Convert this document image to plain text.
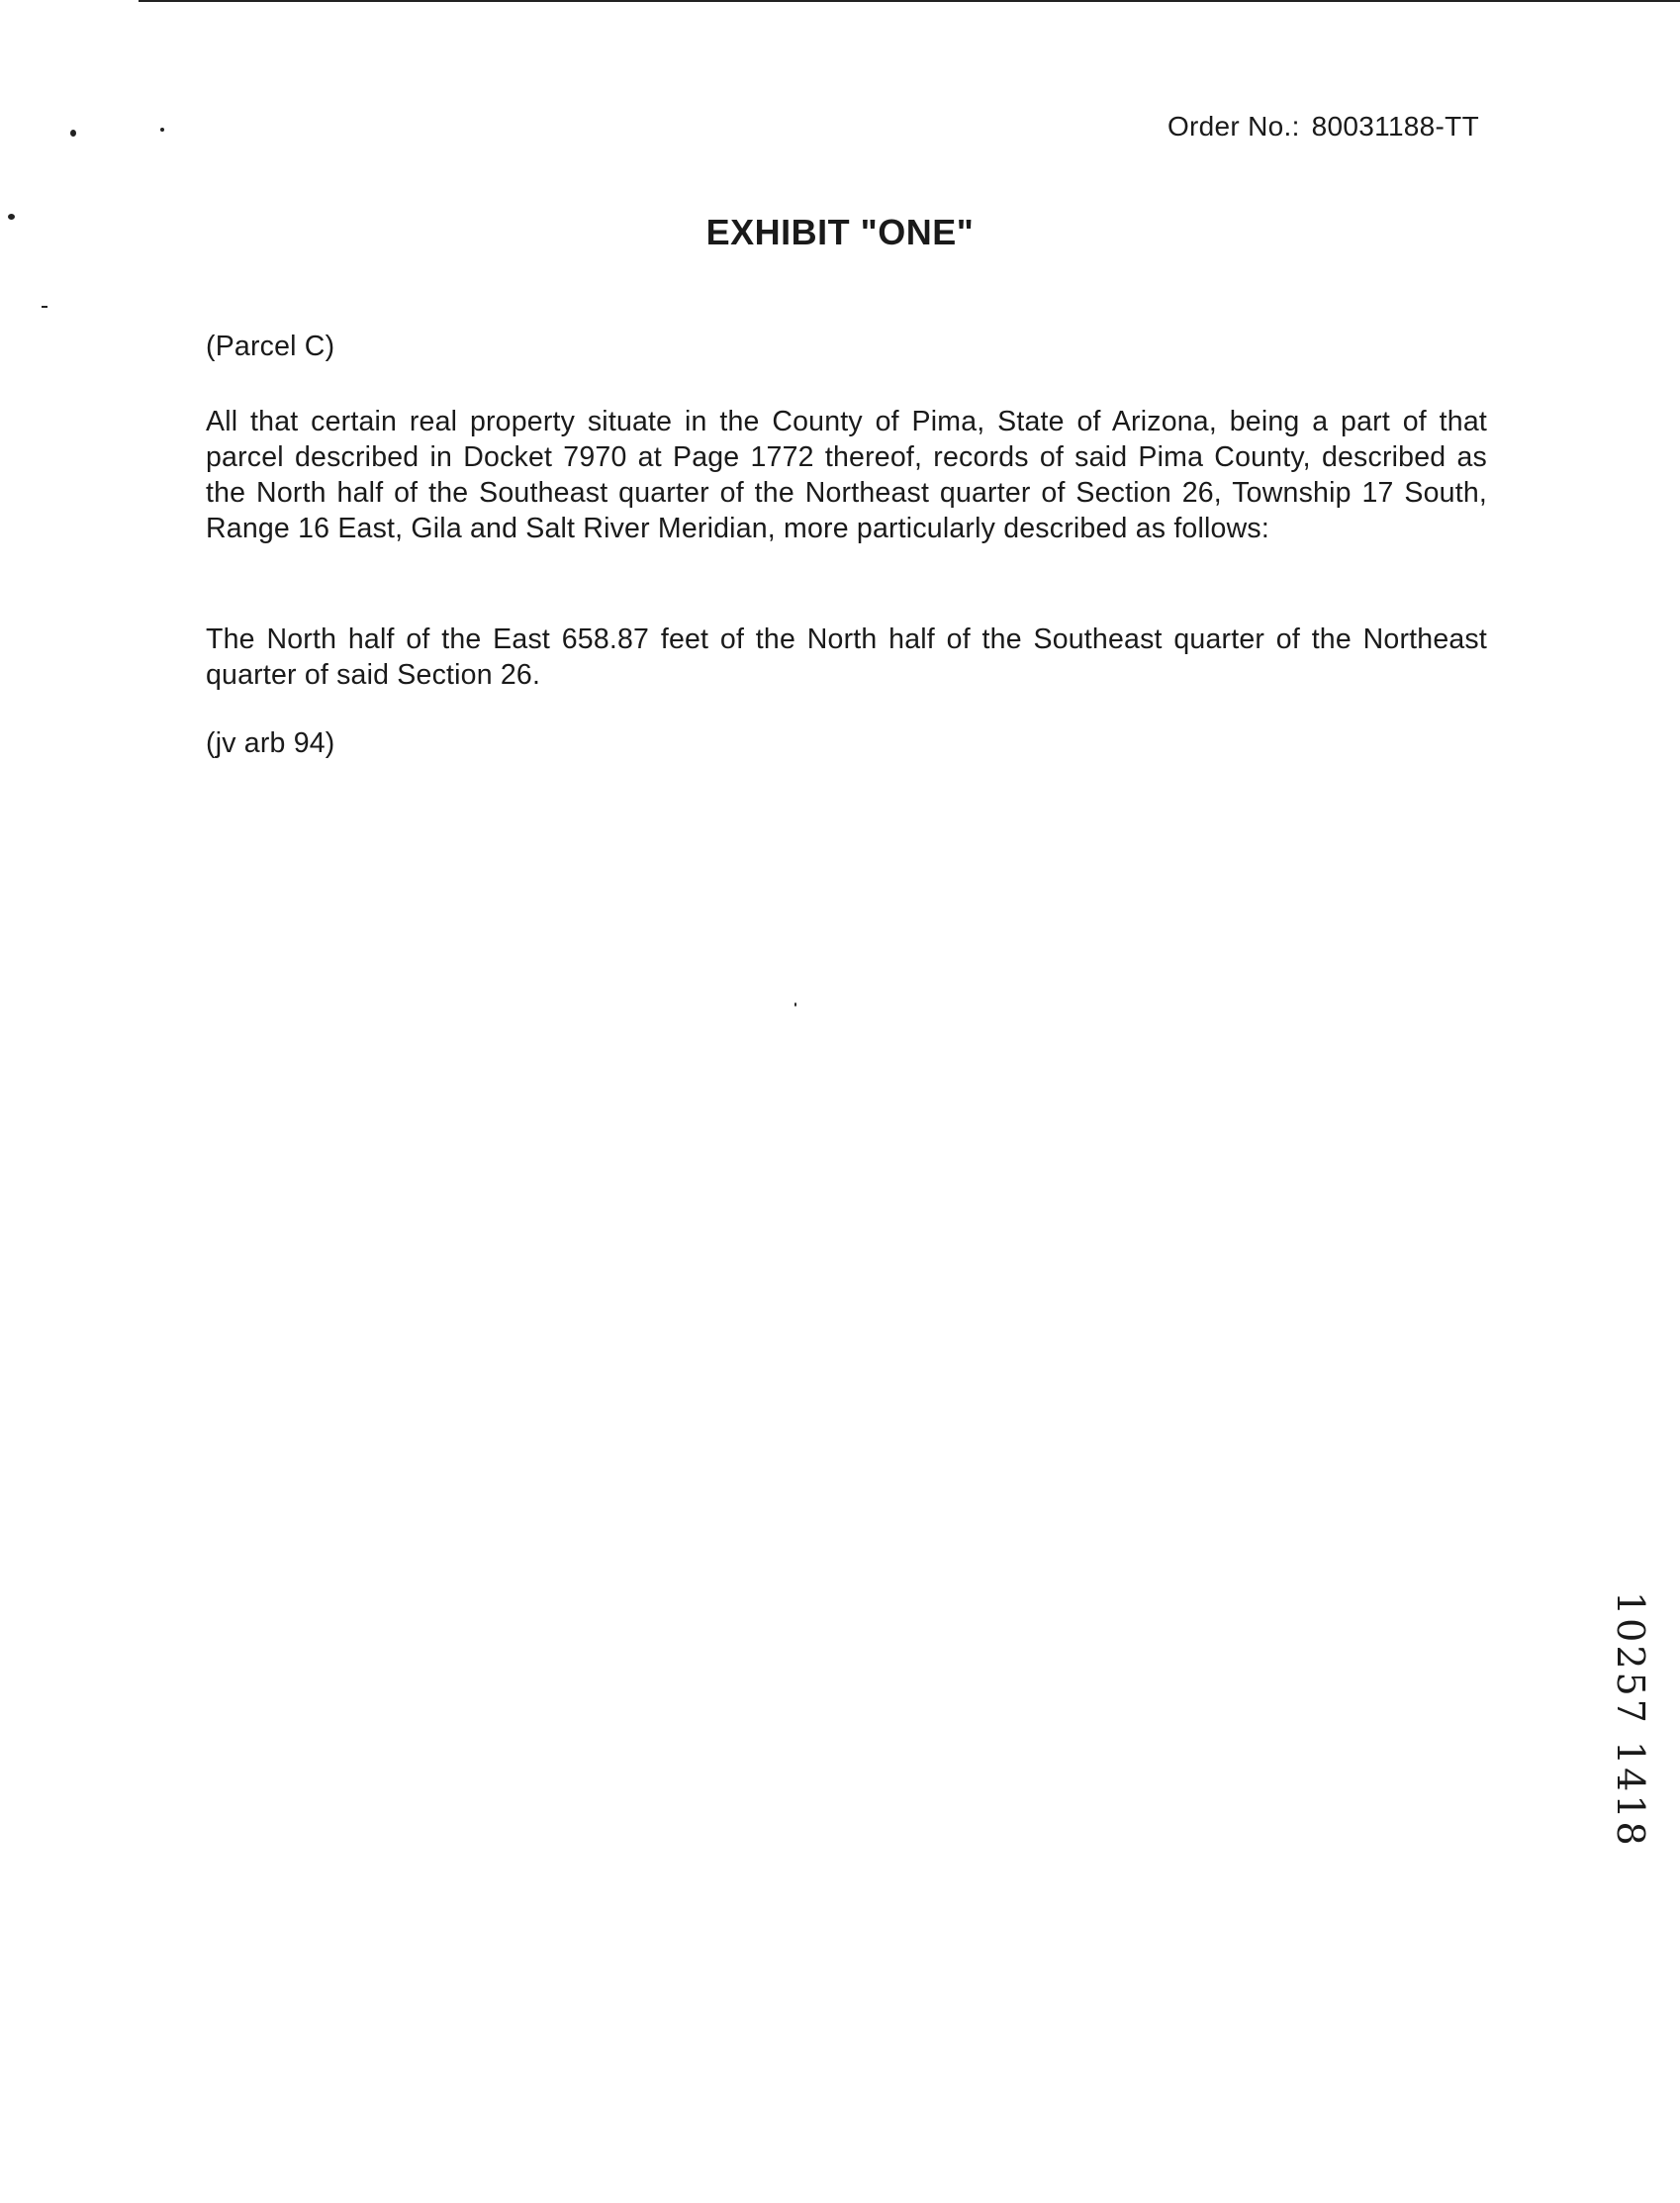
Order No.: 80031188-TT
EXHIBIT "ONE"
(Parcel C)
All that certain real property situate in the County of Pima, State of Arizona, being a part of that parcel described in Docket 7970 at Page 1772 thereof, records of said Pima County, described as the North half of the Southeast quarter of the Northeast quarter of Section 26, Township 17 South, Range 16 East, Gila and Salt River Meridian, more particularly described as follows:
The North half of the East 658.87 feet of the North half of the Southeast quarter of the Northeast quarter of said Section 26.
(jv arb 94)
10257 1418
